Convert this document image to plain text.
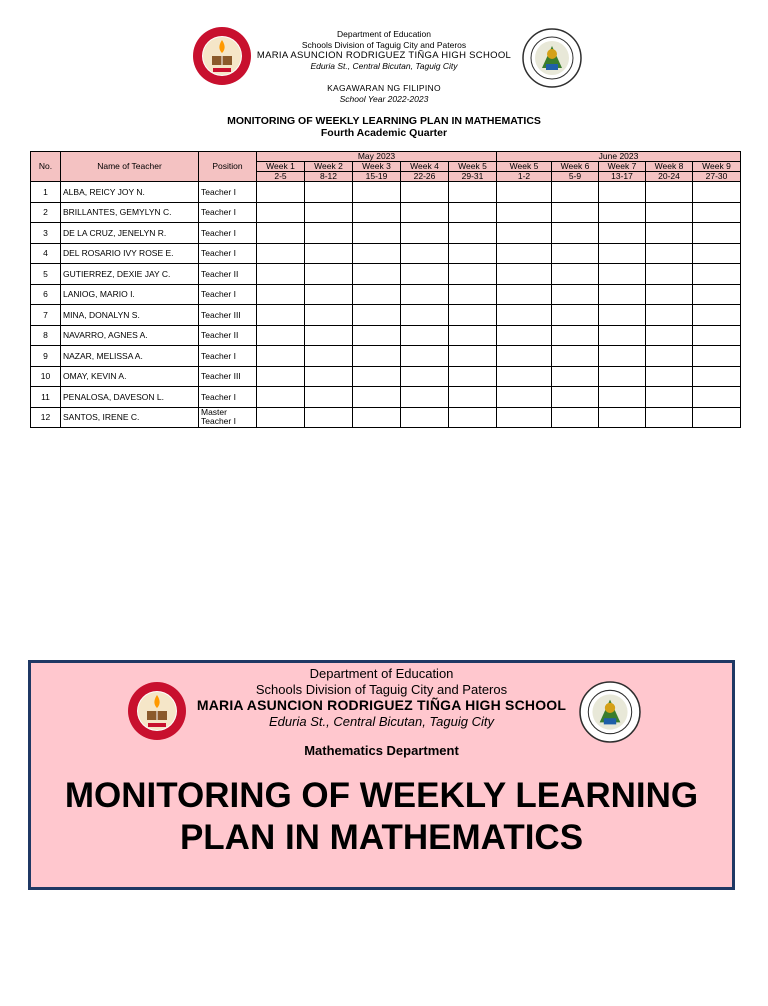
Department of Education
Schools Division of Taguig City and Pateros
MARIA ASUNCION RODRIGUEZ TIÑGA HIGH SCHOOL
Eduria St., Central Bicutan, Taguig City
KAGAWARAN NG FILIPINO
School Year 2022-2023
MONITORING OF WEEKLY LEARNING PLAN IN MATHEMATICS
Fourth Academic Quarter
No.	Name of Teacher	Position	May 2023					June 2023				
			Week 1	Week 2	Week 3	Week 4	Week 5	Week 5	Week 6	Week 7	Week 8	Week 9
			2-5	8-12	15-19	22-26	29-31	1-2	5-9	13-17	20-24	27-30
1	ALBA, REICY JOY N.	Teacher I										
2	BRILLANTES, GEMYLYN C.	Teacher I										
3	DE LA CRUZ, JENELYN R.	Teacher I										
4	DEL ROSARIO IVY ROSE E.	Teacher I										
5	GUTIERREZ, DEXIE JAY C.	Teacher II										
6	LANIOG, MARIO I.	Teacher I										
7	MINA, DONALYN S.	Teacher III										
8	NAVARRO, AGNES A.	Teacher II										
9	NAZAR, MELISSA A.	Teacher I										
10	OMAY, KEVIN A.	Teacher III										
11	PENALOSA, DAVESON L.	Teacher I										
12	SANTOS, IRENE C.	Master Teacher I										
Department of Education
Schools Division of Taguig City and Pateros
MARIA ASUNCION RODRIGUEZ TIÑGA HIGH SCHOOL
Eduria St., Central Bicutan, Taguig City
Mathematics Department
MONITORING OF WEEKLY LEARNING
PLAN IN MATHEMATICS
